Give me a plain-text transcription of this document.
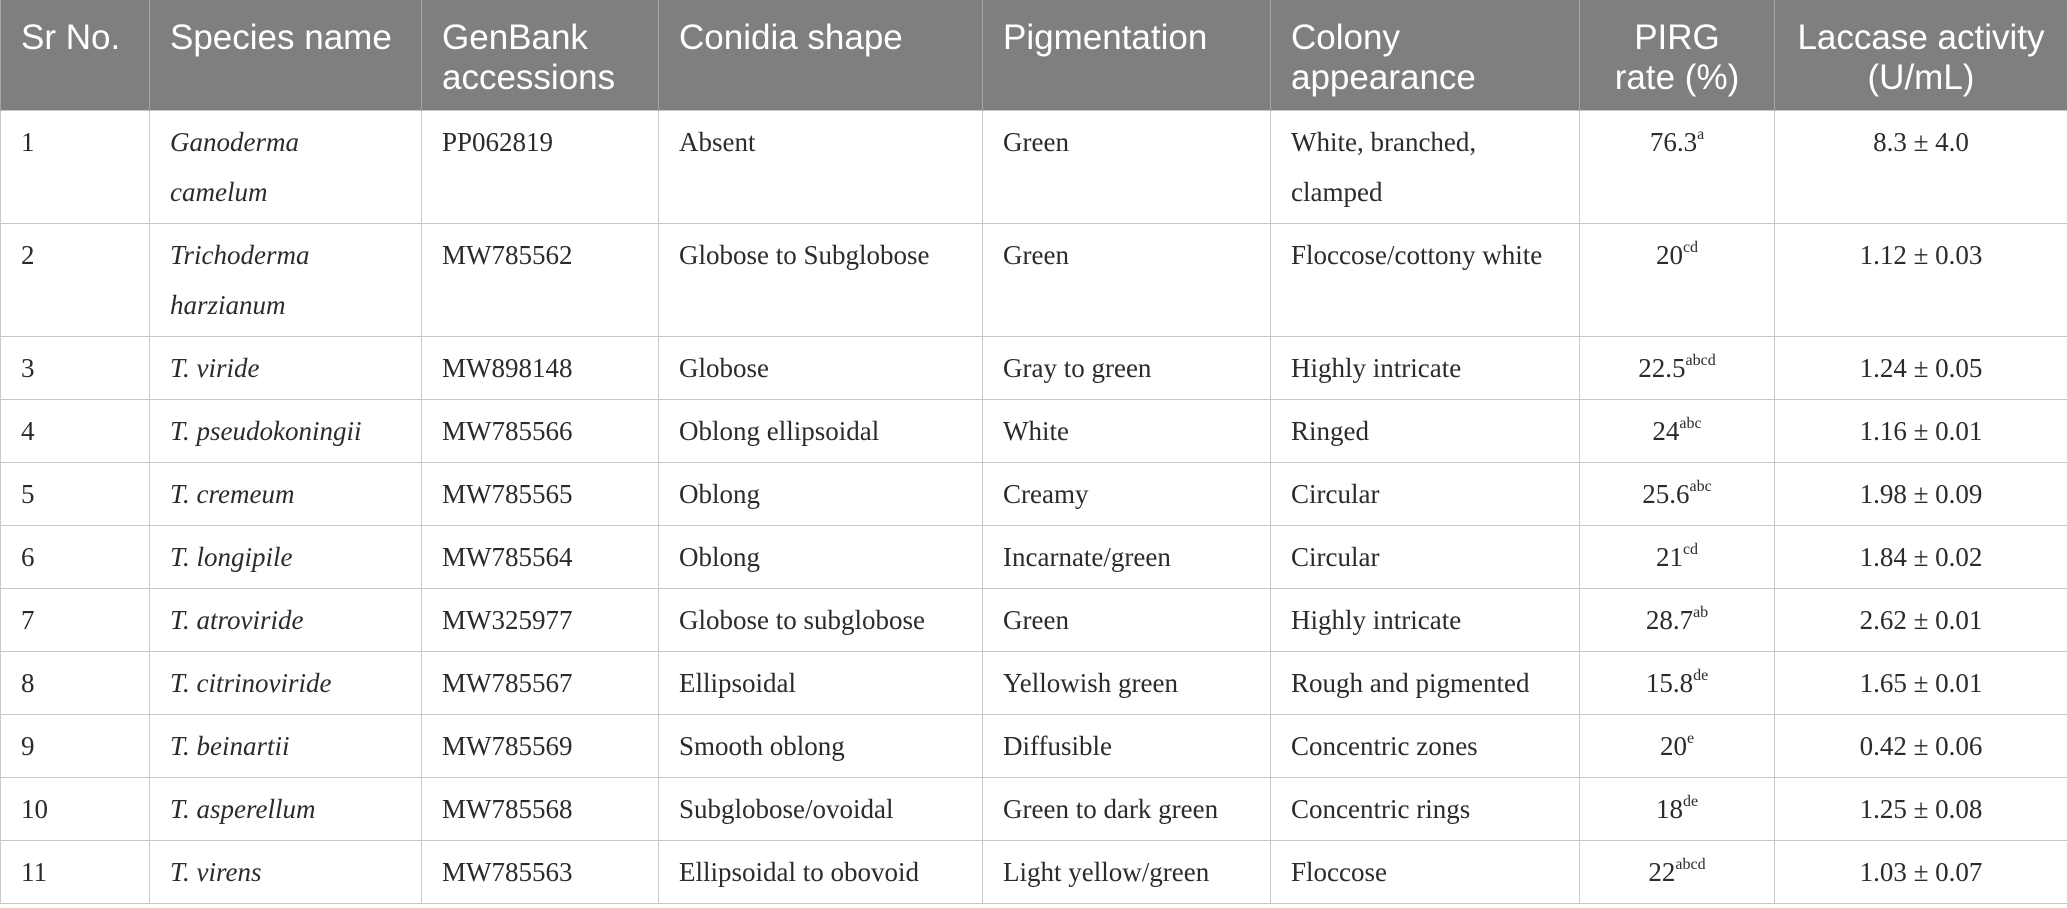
Sr No.	Species name	GenBank accessions	Conidia shape	Pigmentation	Colony appearance	PIRG rate (%)	Laccase activity (U/mL)
1	Ganoderma camelum	PP062819	Absent	Green	White, branched, clamped	76.3$^a$	8.3 ± 4.0
2	Trichoderma harzianum	MW785562	Globose to Subglobose	Green	Floccose/cottony white	$20^{cd}$	1.12 ± 0.03
3	T. viride	MW898148	Globose	Gray to green	Highly intricate	$22.5^{abcd}$	1.24 ± 0.05
4	T. pseudokoningii	MW785566	Oblong ellipsoidal	White	Ringed	$24^{abc}$	1.16 ± 0.01
5	T. cremeum	MW785565	Oblong	Creamy	Circular	25.6$^{abc}$	1.98 ± 0.09
6	T. longipile	MW785564	Oblong	Incarnate/green	Circular	$21^{cd}$	1.84 ± 0.02
7	T. atroviride	MW325977	Globose to subglobose	Green	Highly intricate	28.7$^{ab}$	2.62 ± 0.01
8	T. citrinoviride	MW785567	Ellipsoidal	Yellowish green	Rough and pigmented	15.8de	1.65 ± 0.01
9	T. beinartii	MW785569	Smooth oblong	Diffusible	Concentric zones	20e	0.42 ± 0.06
10	T. asperellum	MW785568	Subglobose/ovoidal	Green to dark green	Concentric rings	18de	1.25 ± 0.08
11	T. virens	MW785563	Ellipsoidal to obovoid	Light yellow/green	Floccose	$22^{abcd}$	1.03 ± 0.07
